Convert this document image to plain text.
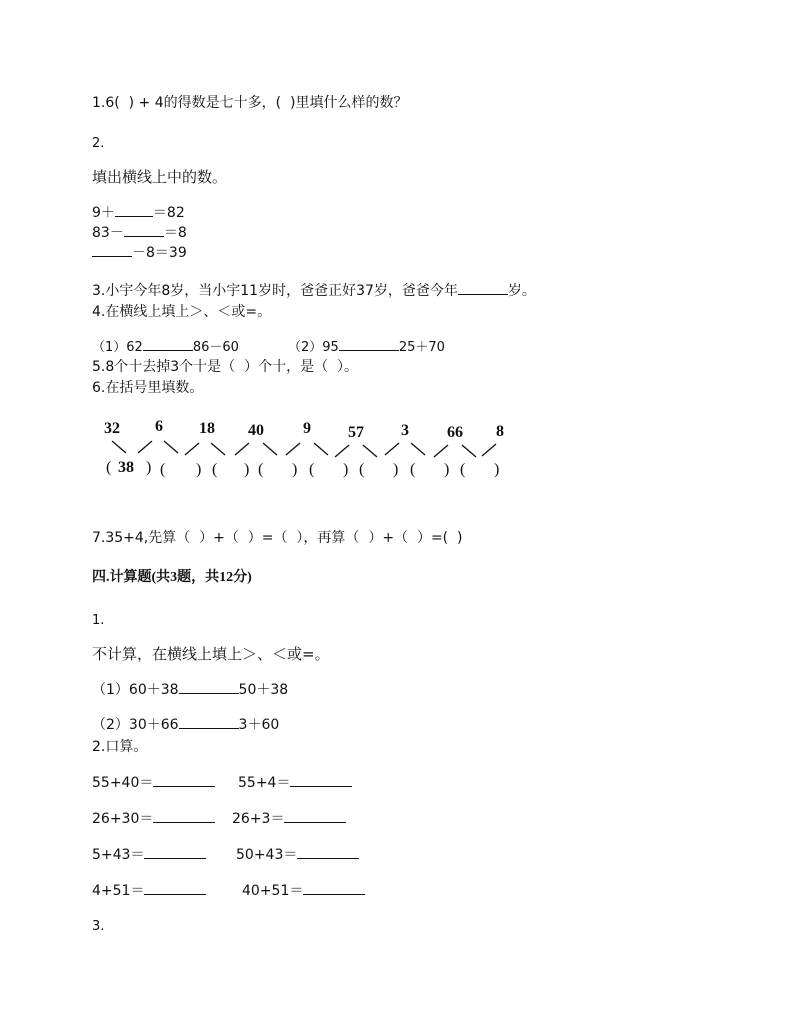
1.6(  ) + 4的得数是七十多，(  )里填什么样的数？
2.
填出横线上中的数。
9＋	＝82
83－	＝8
－8＝39
3.小宇今年8岁，当小宇11岁时，爸爸正好37岁，爸爸今年	岁。
4.在横线上填上＞、＜或=。
（1）62	86－60	（2）95	25＋70
5.8个十去掉3个十是（  ）个十，是（  ）。
6.在括号里填数。
32 6 18 40 9 57 3 66 8
( 38 ) ( ) ( ) ( ) ( ) ( ) ( ) ( )
7.35+4,先算（  ）+（  ）=（  ），再算（  ）+（  ）=(  )
四.计算题(共3题，共12分)
1.
不计算，在横线上填上＞、＜或=。
（1）60＋38	50＋38
（2）30＋66	3＋60
2.口算。
55+40＝	55+4＝
26+30＝	26+3＝
5+43＝	50+43＝
4+51＝	40+51＝
3.
